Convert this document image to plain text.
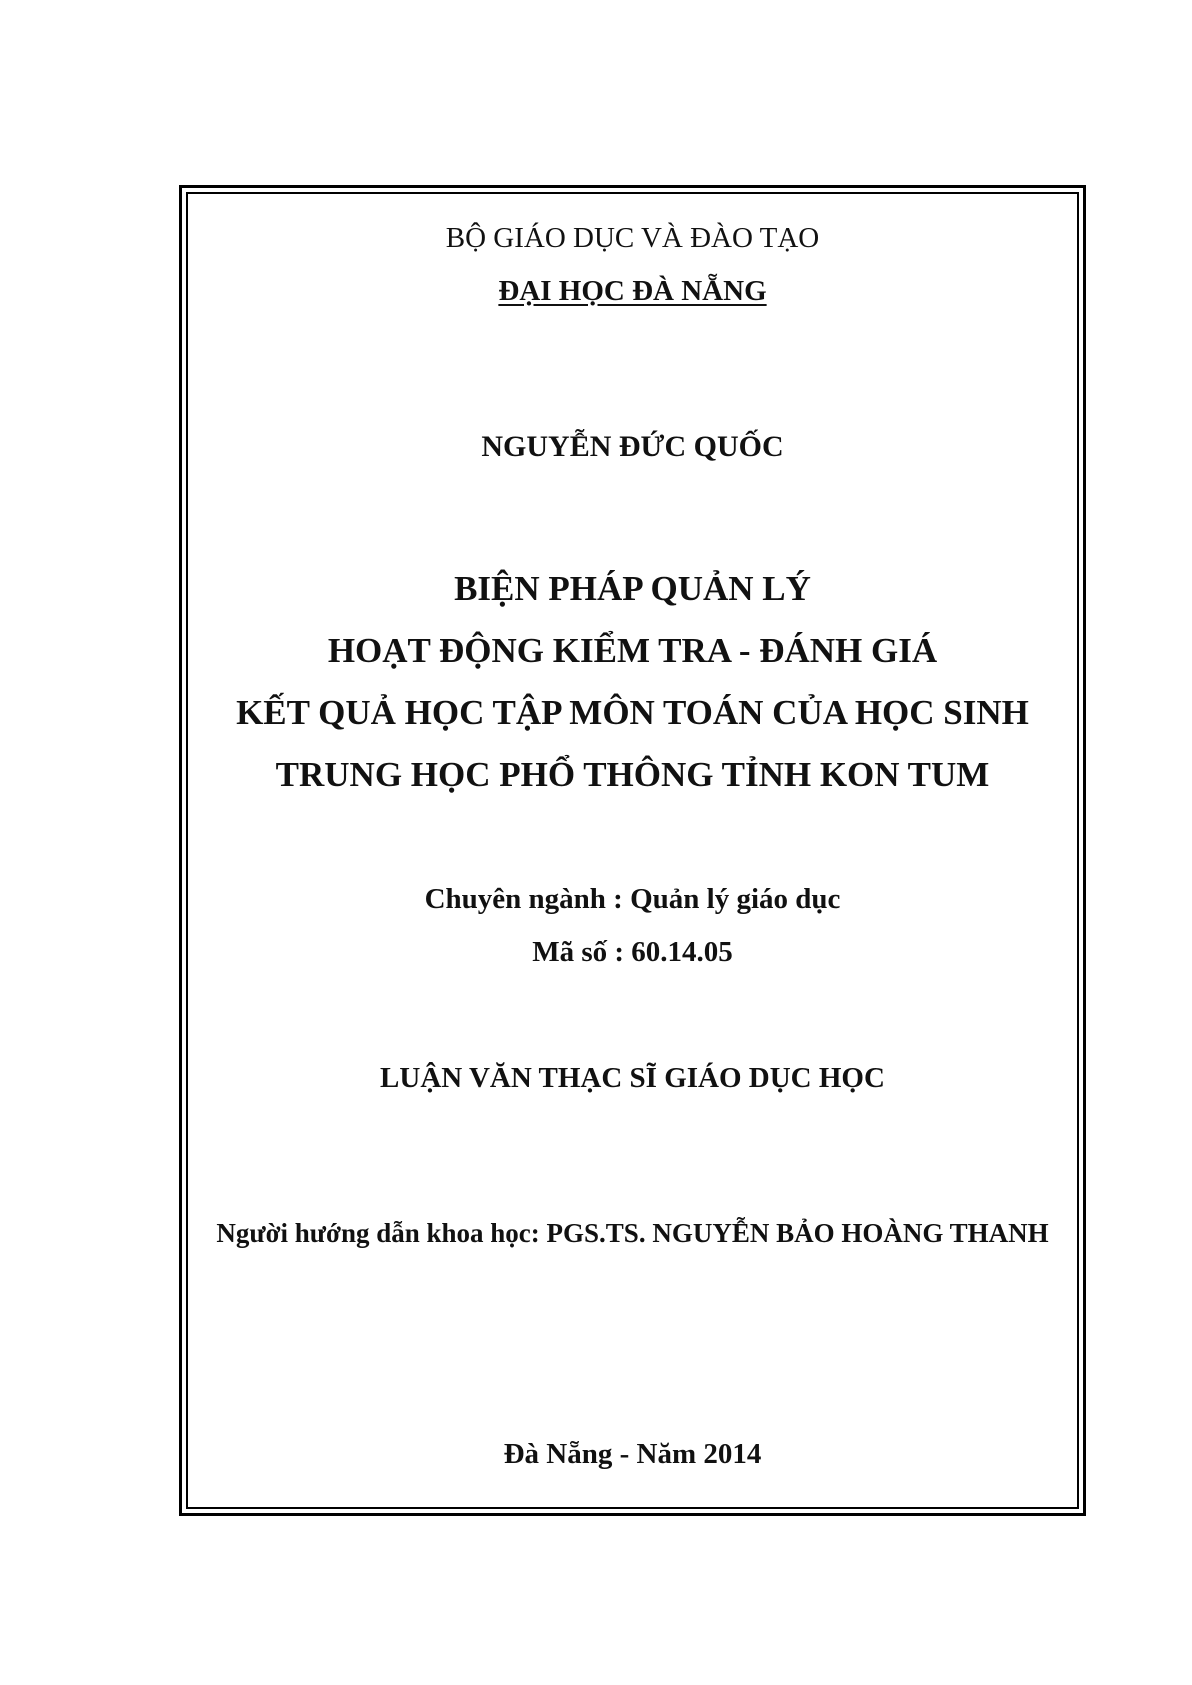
BỘ GIÁO DỤC VÀ ĐÀO TẠO
ĐẠI HỌC ĐÀ NẴNG
NGUYỄN ĐỨC QUỐC
BIỆN PHÁP QUẢN LÝ
HOẠT ĐỘNG KIỂM TRA - ĐÁNH GIÁ
KẾT QUẢ HỌC TẬP MÔN TOÁN CỦA HỌC SINH
TRUNG HỌC PHỔ THÔNG TỈNH KON TUM
Chuyên ngành : Quản lý giáo dục
Mã số : 60.14.05
LUẬN VĂN THẠC SĨ GIÁO DỤC HỌC
Người hướng dẫn khoa học: PGS.TS. NGUYỄN BẢO HOÀNG THANH
Đà Nẵng - Năm 2014
